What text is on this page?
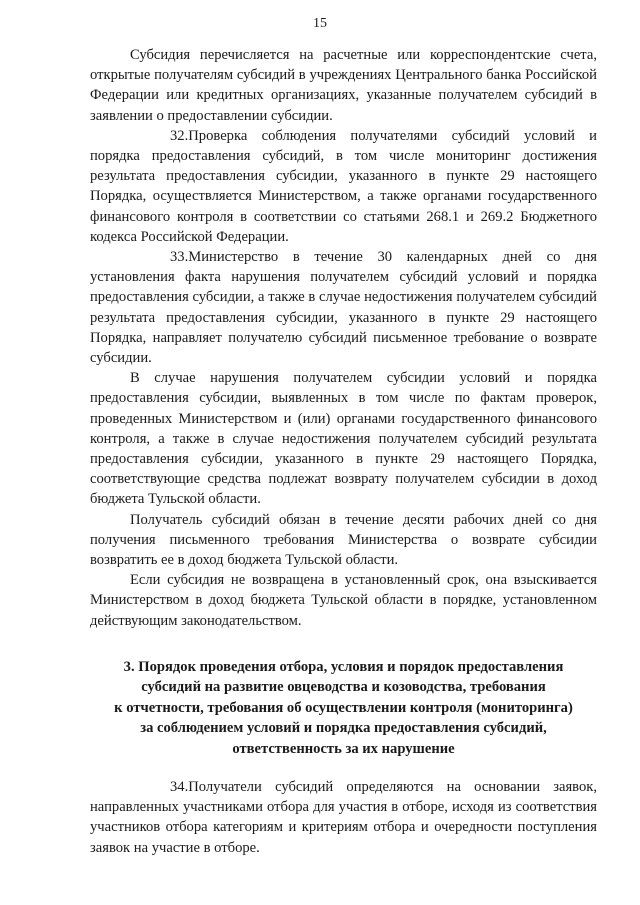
15

Субсидия перечисляется на расчетные или корреспондентские счета, открытые получателям субсидий в учреждениях Центрального банка Российской Федерации или кредитных организациях, указанные получателем субсидий в заявлении о предоставлении субсидии.

32.Проверка соблюдения получателями субсидий условий и порядка предоставления субсидий, в том числе мониторинг достижения результата предоставления субсидии, указанного в пункте 29 настоящего Порядка, осуществляется Министерством, а также органами государственного финансового контроля в соответствии со статьями 268.1 и 269.2 Бюджетного кодекса Российской Федерации.

33.Министерство в течение 30 календарных дней со дня установления факта нарушения получателем субсидий условий и порядка предоставления субсидии, а также в случае недостижения получателем субсидий результата предоставления субсидии, указанного в пункте 29 настоящего Порядка, направляет получателю субсидий письменное требование о возврате субсидии.

В случае нарушения получателем субсидии условий и порядка предоставления субсидии, выявленных в том числе по фактам проверок, проведенных Министерством и (или) органами государственного финансового контроля, а также в случае недостижения получателем субсидий результата предоставления субсидии, указанного в пункте 29 настоящего Порядка, соответствующие средства подлежат возврату получателем субсидии в доход бюджета Тульской области.

Получатель субсидий обязан в течение десяти рабочих дней со дня получения письменного требования Министерства о возврате субсидии возвратить ее в доход бюджета Тульской области.

Если субсидия не возвращена в установленный срок, она взыскивается Министерством в доход бюджета Тульской области в порядке, установленном действующим законодательством.

3. Порядок проведения отбора, условия и порядок предоставления
субсидий на развитие овцеводства и козоводства, требования
к отчетности, требования об осуществлении контроля (мониторинга)
за соблюдением условий и порядка предоставления субсидий,
ответственность за их нарушение

34.Получатели субсидий определяются на основании заявок, направленных участниками отбора для участия в отборе, исходя из соответствия участников отбора категориям и критериям отбора и очередности поступления заявок на участие в отборе.
